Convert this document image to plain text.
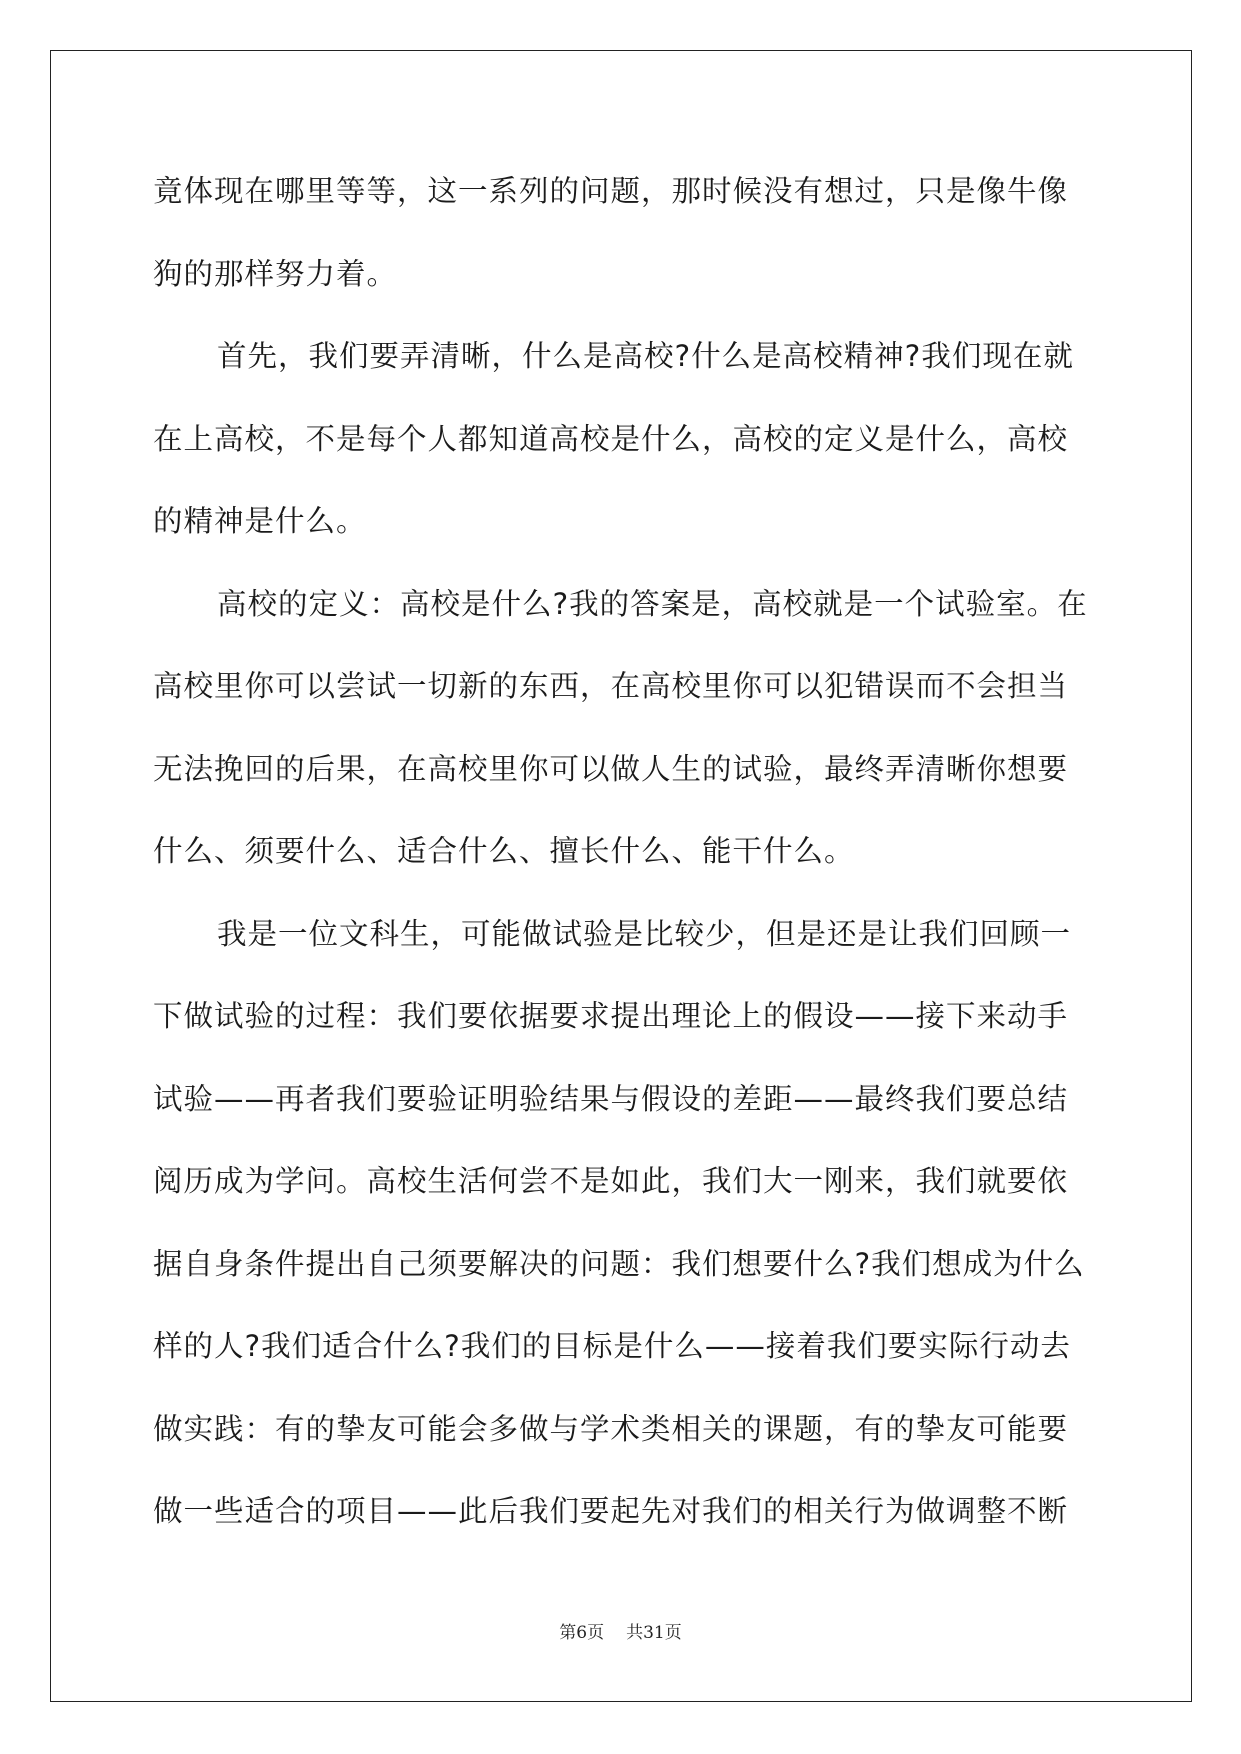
竟体现在哪里等等，这一系列的问题，那时候没有想过，只是像牛像
狗的那样努力着。
首先，我们要弄清晰，什么是高校?什么是高校精神?我们现在就
在上高校，不是每个人都知道高校是什么，高校的定义是什么，高校
的精神是什么。
高校的定义：高校是什么?我的答案是，高校就是一个试验室。在
高校里你可以尝试一切新的东西，在高校里你可以犯错误而不会担当
无法挽回的后果，在高校里你可以做人生的试验，最终弄清晰你想要
什么、须要什么、适合什么、擅长什么、能干什么。
我是一位文科生，可能做试验是比较少，但是还是让我们回顾一
下做试验的过程：我们要依据要求提出理论上的假设——接下来动手
试验——再者我们要验证明验结果与假设的差距——最终我们要总结
阅历成为学问。高校生活何尝不是如此，我们大一刚来，我们就要依
据自身条件提出自己须要解决的问题：我们想要什么?我们想成为什么
样的人?我们适合什么?我们的目标是什么——接着我们要实际行动去
做实践：有的挚友可能会多做与学术类相关的课题，有的挚友可能要
做一些适合的项目——此后我们要起先对我们的相关行为做调整不断
第6页 共31页
